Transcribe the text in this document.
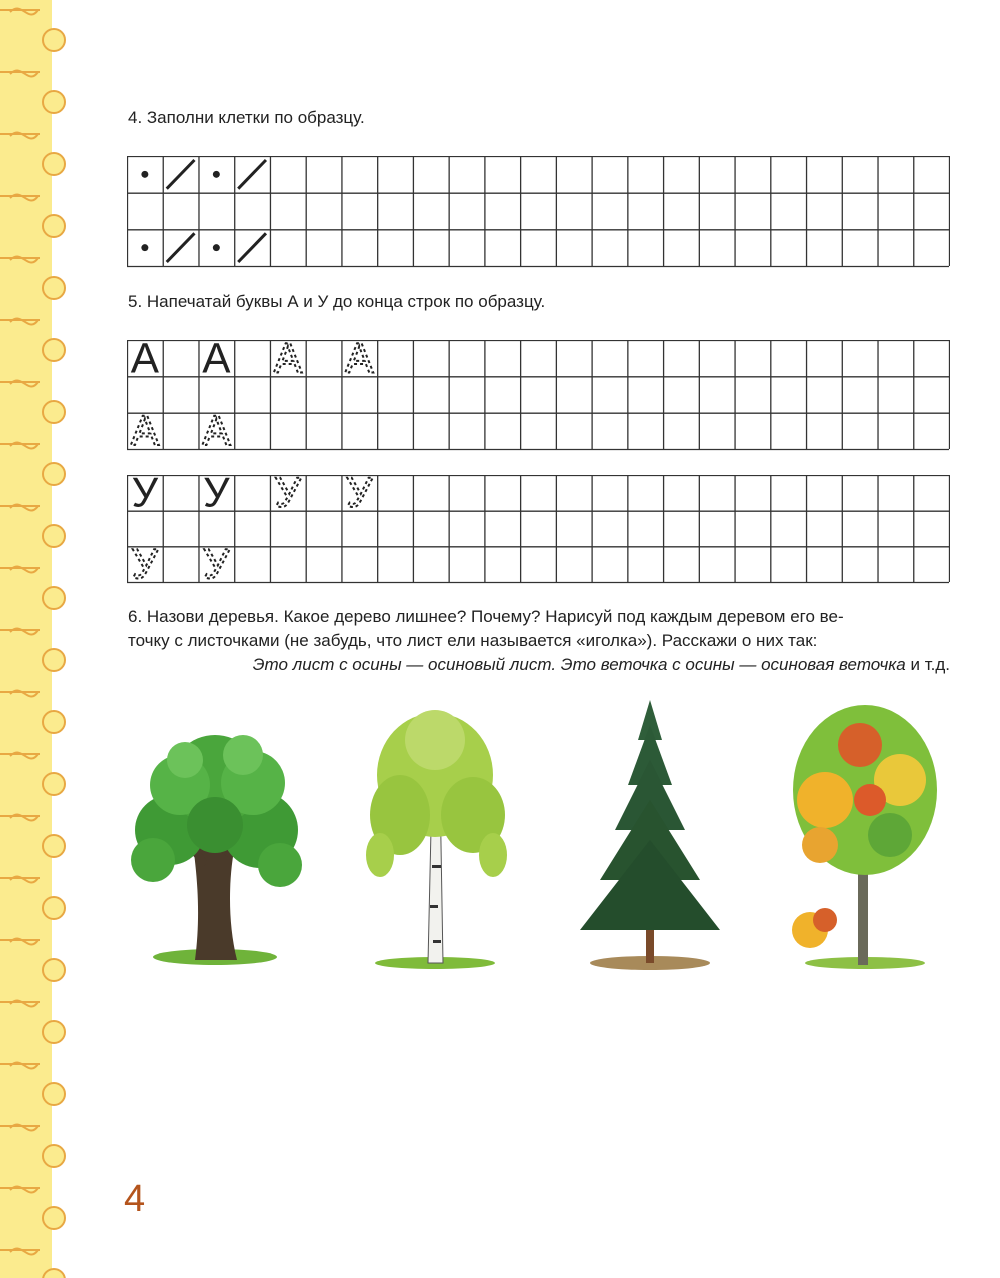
4. Заполни клетки по образцу.
5. Напечатай буквы А и У до конца строк по образцу.
А А А А
А А
У У У У
У У
6. Назови деревья. Какое дерево лишнее? Почему? Нарисуй под каждым деревом его ве-
точку с листочками (не забудь, что лист ели называется «иголка»). Расскажи о них так:
Это лист с осины — осиновый лист. Это веточка с осины — осиновая веточка и т.д.
4
